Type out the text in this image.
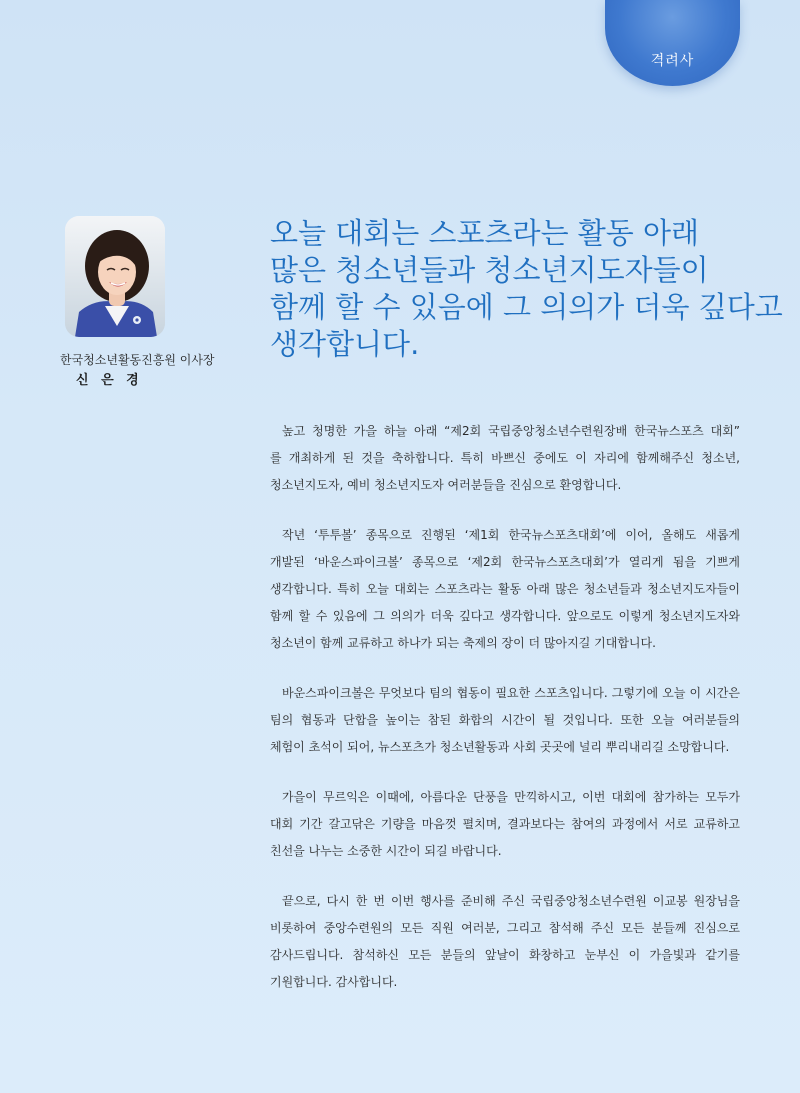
격려사
한국청소년활동진흥원 이사장
신 은 경
오늘 대회는 스포츠라는 활동 아래
많은 청소년들과 청소년지도자들이
함께 할 수 있음에 그 의의가 더욱 깊다고
생각합니다.
높고 청명한 가을 하늘 아래 “제2회 국립중앙청소년수련원장배 한국뉴스포츠 대회”
를 개최하게 된 것을 축하합니다. 특히 바쁘신 중에도 이 자리에 함께해주신 청소년,
청소년지도자, 예비 청소년지도자 여러분들을 진심으로 환영합니다.
작년 ‘투투볼’ 종목으로 진행된 ‘제1회 한국뉴스포츠대회’에 이어, 올해도 새롭게
개발된 ‘바운스파이크볼’ 종목으로 ‘제2회 한국뉴스포츠대회’가 열리게 됨을 기쁘게
생각합니다. 특히 오늘 대회는 스포츠라는 활동 아래 많은 청소년들과 청소년지도자들이
함께 할 수 있음에 그 의의가 더욱 깊다고 생각합니다. 앞으로도 이렇게 청소년지도자와
청소년이 함께 교류하고 하나가 되는 축제의 장이 더 많아지길 기대합니다.
바운스파이크볼은 무엇보다 팀의 협동이 필요한 스포츠입니다. 그렇기에 오늘 이 시간은
팀의 협동과 단합을 높이는 참된 화합의 시간이 될 것입니다. 또한 오늘 여러분들의
체험이 초석이 되어, 뉴스포츠가 청소년활동과 사회 곳곳에 널리 뿌리내리길 소망합니다.
가을이 무르익은 이때에, 아름다운 단풍을 만끽하시고, 이번 대회에 참가하는 모두가
대회 기간 갈고닦은 기량을 마음껏 펼치며, 결과보다는 참여의 과정에서 서로 교류하고
친선을 나누는 소중한 시간이 되길 바랍니다.
끝으로, 다시 한 번 이번 행사를 준비해 주신 국립중앙청소년수련원 이교봉 원장님을
비롯하여 중앙수련원의 모든 직원 여러분, 그리고 참석해 주신 모든 분들께 진심으로
감사드립니다. 참석하신 모든 분들의 앞날이 화창하고 눈부신 이 가을빛과 같기를
기원합니다. 감사합니다.
